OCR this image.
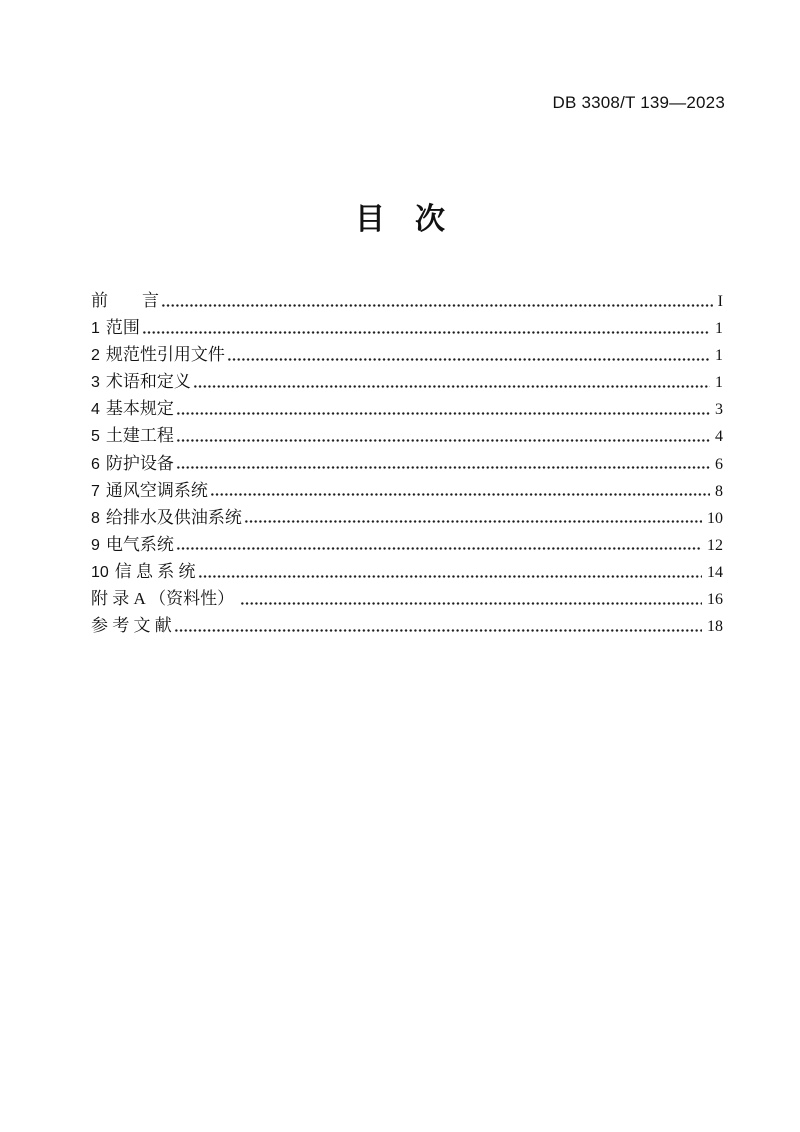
DB 3308/T 139—2023
目　次
前　　言	I
1 范围	1
2 规范性引用文件	1
3 术语和定义	1
4 基本规定	3
5 土建工程	4
6 防护设备	6
7 通风空调系统	8
8 给排水及供油系统	10
9 电气系统	12
10 信 息 系 统	14
附 录 A （资料性）	16
参 考 文 献	18
